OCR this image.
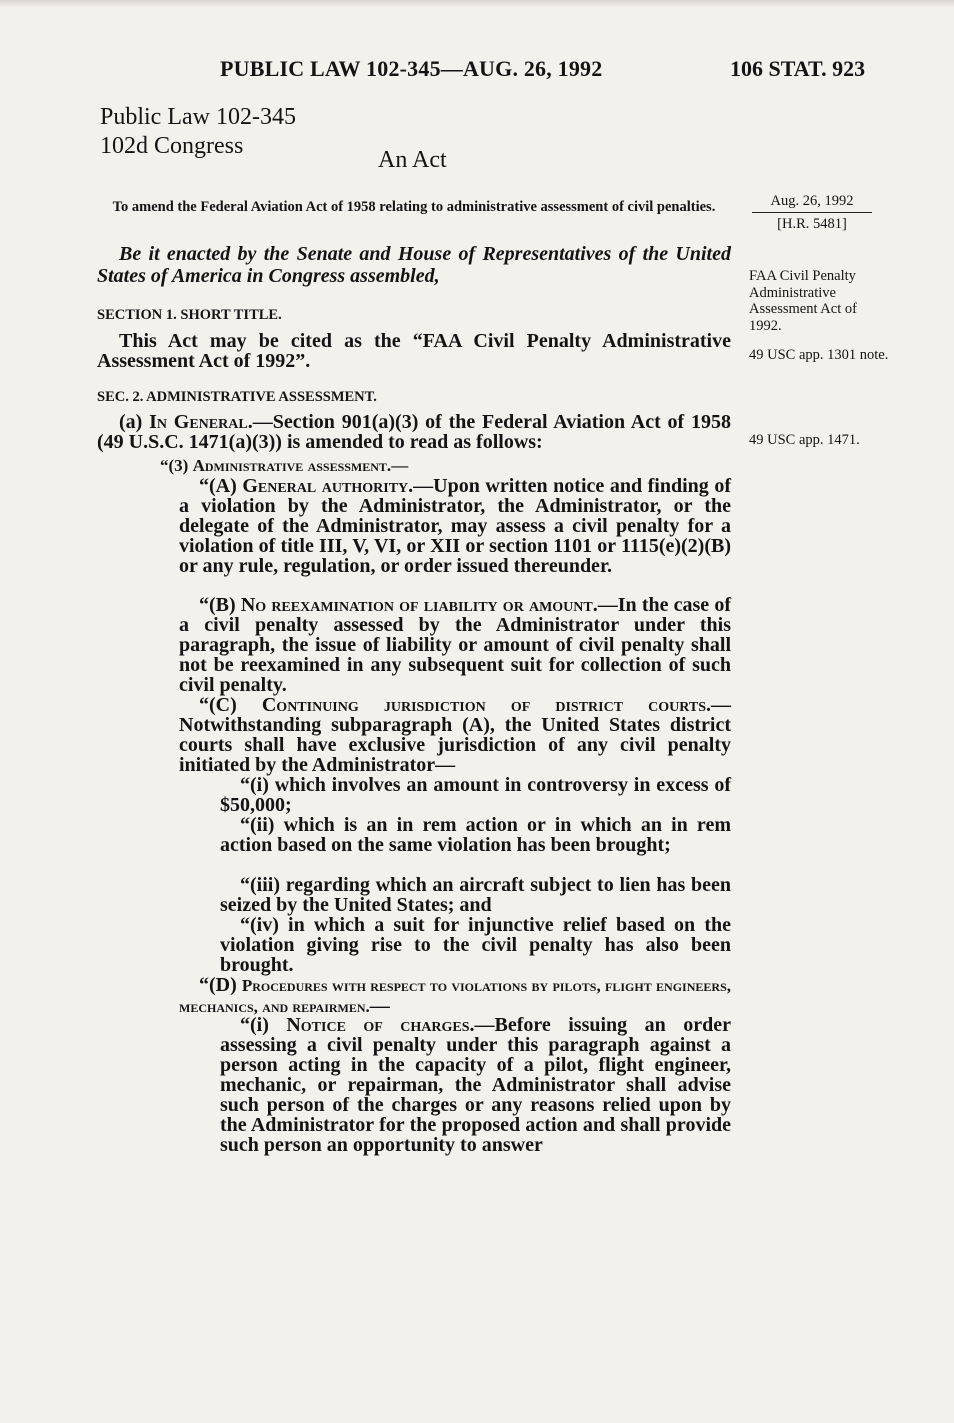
PUBLIC LAW 102-345—AUG. 26, 1992	106 STAT. 923
Public Law 102-345
102d Congress
An Act
To amend the Federal Aviation Act of 1958 relating to administrative assessment of civil penalties.	Aug. 26, 1992
[H.R. 5481]
Be it enacted by the Senate and House of Representatives of the United States of America in Congress assembled,
SECTION 1. SHORT TITLE.
This Act may be cited as the “FAA Civil Penalty Administrative Assessment Act of 1992”.
FAA Civil Penalty Administrative Assessment Act of 1992.
49 USC app. 1301 note.
SEC. 2. ADMINISTRATIVE ASSESSMENT.
(a) In General.—Section 901(a)(3) of the Federal Aviation Act of 1958 (49 U.S.C. 1471(a)(3)) is amended to read as follows:	49 USC app. 1471.
“(3) Administrative assessment.—
“(A) General authority.—Upon written notice and finding of a violation by the Administrator, the Administrator, or the delegate of the Administrator, may assess a civil penalty for a violation of title III, V, VI, or XII or section 1101 or 1115(e)(2)(B) or any rule, regulation, or order issued thereunder.
“(B) No reexamination of liability or amount.—In the case of a civil penalty assessed by the Administrator under this paragraph, the issue of liability or amount of civil penalty shall not be reexamined in any subsequent suit for collection of such civil penalty.
“(C) Continuing jurisdiction of district courts.— Notwithstanding subparagraph (A), the United States district courts shall have exclusive jurisdiction of any civil penalty initiated by the Administrator—
“(i) which involves an amount in controversy in excess of $50,000;
“(ii) which is an in rem action or in which an in rem action based on the same violation has been brought;
“(iii) regarding which an aircraft subject to lien has been seized by the United States; and
“(iv) in which a suit for injunctive relief based on the violation giving rise to the civil penalty has also been brought.
“(D) Procedures with respect to violations by pilots, flight engineers, mechanics, and repairmen.—
“(i) Notice of charges.—Before issuing an order assessing a civil penalty under this paragraph against a person acting in the capacity of a pilot, flight engineer, mechanic, or repairman, the Administrator shall advise such person of the charges or any reasons relied upon by the Administrator for the proposed action and shall provide such person an opportunity to answer
